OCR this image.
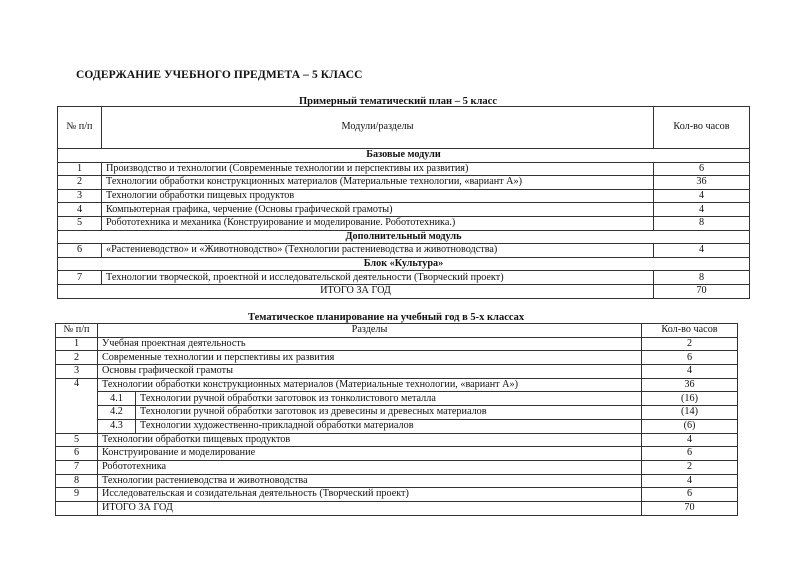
СОДЕРЖАНИЕ УЧЕБНОГО ПРЕДМЕТА – 5 КЛАСС
Примерный тематический план – 5 класс
№ п/п	Модули/разделы	Кол-во часов
Базовые модули		
1	Производство и технологии (Современные технологии и перспективы их развития)	6
2	Технологии обработки конструкционных материалов (Материальные технологии, «вариант А»)	36
3	Технологии обработки пищевых продуктов	4
4	Компьютерная графика, черчение (Основы графической грамоты)	4
5	Робототехника и механика (Конструирование и моделирование. Робототехника.)	8
Дополнительный модуль		
6	«Растениеводство» и «Животноводство» (Технологии растениеводства и животноводства)	4
Блок «Культура»		
7	Технологии творческой, проектной и исследовательской деятельности (Творческий проект)	8
ИТОГО ЗА ГОД		70
Тематическое планирование на учебный год в 5-х классах
№ п/п	Разделы		Кол-во часов
1	Учебная проектная деятельность		2
2	Современные технологии и перспективы их развития		6
3	Основы графической грамоты		4
4	Технологии обработки конструкционных материалов (Материальные технологии, «вариант А»)		36
	4.1	Технологии ручной обработки заготовок из тонколистового металла	(16)
	4.2	Технологии ручной обработки заготовок из древесины и древесных материалов	(14)
	4.3	Технологии художественно-прикладной обработки материалов	(6)
5	Технологии обработки пищевых продуктов		4
6	Конструирование и моделирование		6
7	Робототехника		2
8	Технологии растениеводства и животноводства		4
9	Исследовательская и созидательная деятельность (Творческий проект)		6
	ИТОГО ЗА ГОД		70
